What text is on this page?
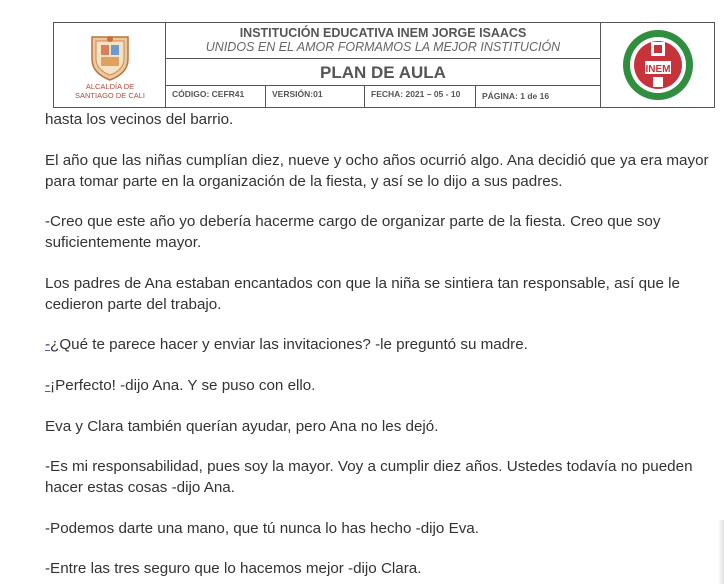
ALCALDÍA DE
SANTIAGO DE CALI
INSTITUCIÓN EDUCATIVA INEM JORGE ISAACS
UNIDOS EN EL AMOR FORMAMOS LA MEJOR INSTITUCIÓN
PLAN DE AULA
CÓDIGO: CEFR41	VERSIÓN:01	FECHA: 2021 – 05 - 10	PÁGINA: 1 de 16
INEM

hasta los vecinos del barrio.

El año que las niñas cumplían diez, nueve y ocho años ocurrió algo. Ana decidió que ya era mayor para tomar parte en la organización de la fiesta, y así se lo dijo a sus padres.

-Creo que este año yo debería hacerme cargo de organizar parte de la fiesta. Creo que soy suficientemente mayor.

Los padres de Ana estaban encantados con que la niña se sintiera tan responsable, así que le cedieron parte del trabajo.

-¿Qué te parece hacer y enviar las invitaciones? -le preguntó su madre.

-¡Perfecto! -dijo Ana. Y se puso con ello.

Eva y Clara también querían ayudar, pero Ana no les dejó.

-Es mi responsabilidad, pues soy la mayor. Voy a cumplir diez años. Ustedes todavía no pueden hacer estas cosas -dijo Ana.

-Podemos darte una mano, que tú nunca lo has hecho -dijo Eva.

-Entre las tres seguro que lo hacemos mejor -dijo Clara.
